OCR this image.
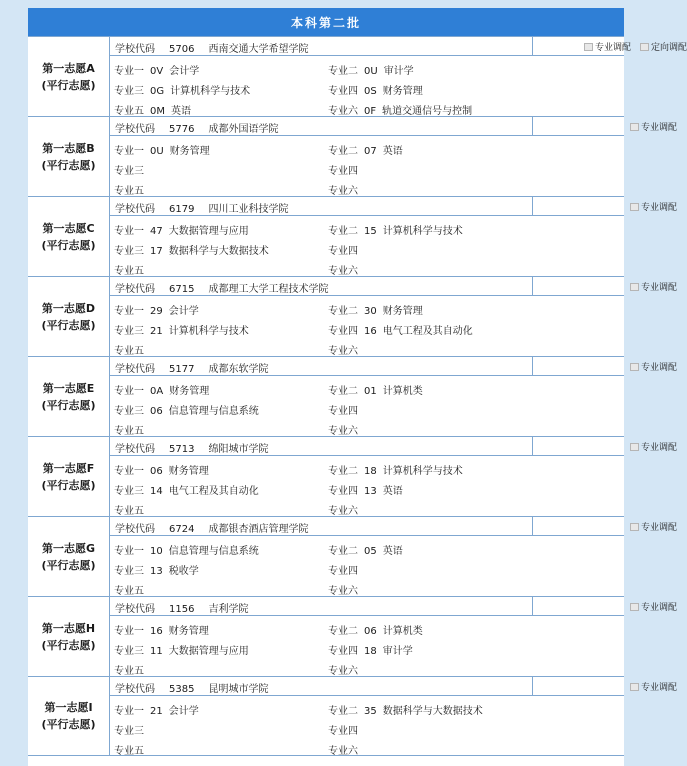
本科第二批
第一志愿A
(平行志愿)
学校代码 5706 西南交通大学希望学院	专业调配 定向调配
专业一 0V 会计学	专业二 0U 审计学
专业三 0G 计算机科学与技术	专业四 0S 财务管理
专业五 0M 英语	专业六 0F 轨道交通信号与控制
第一志愿B
(平行志愿)
学校代码 5776 成都外国语学院	专业调配
专业一 0U 财务管理	专业二 07 英语
专业三	专业四
专业五	专业六
第一志愿C
(平行志愿)
学校代码 6179 四川工业科技学院	专业调配
专业一 47 大数据管理与应用	专业二 15 计算机科学与技术
专业三 17 数据科学与大数据技术	专业四
专业五	专业六
第一志愿D
(平行志愿)
学校代码 6715 成都理工大学工程技术学院	专业调配
专业一 29 会计学	专业二 30 财务管理
专业三 21 计算机科学与技术	专业四 16 电气工程及其自动化
专业五	专业六
第一志愿E
(平行志愿)
学校代码 5177 成都东软学院	专业调配
专业一 0A 财务管理	专业二 01 计算机类
专业三 06 信息管理与信息系统	专业四
专业五	专业六
第一志愿F
(平行志愿)
学校代码 5713 绵阳城市学院	专业调配
专业一 06 财务管理	专业二 18 计算机科学与技术
专业三 14 电气工程及其自动化	专业四 13 英语
专业五	专业六
第一志愿G
(平行志愿)
学校代码 6724 成都银杏酒店管理学院	专业调配
专业一 10 信息管理与信息系统	专业二 05 英语
专业三 13 税收学	专业四
专业五	专业六
第一志愿H
(平行志愿)
学校代码 1156 吉利学院	专业调配
专业一 16 财务管理	专业二 06 计算机类
专业三 11 大数据管理与应用	专业四 18 审计学
专业五	专业六
第一志愿I
(平行志愿)
学校代码 5385 昆明城市学院	专业调配
专业一 21 会计学	专业二 35 数据科学与大数据技术
专业三	专业四
专业五	专业六
